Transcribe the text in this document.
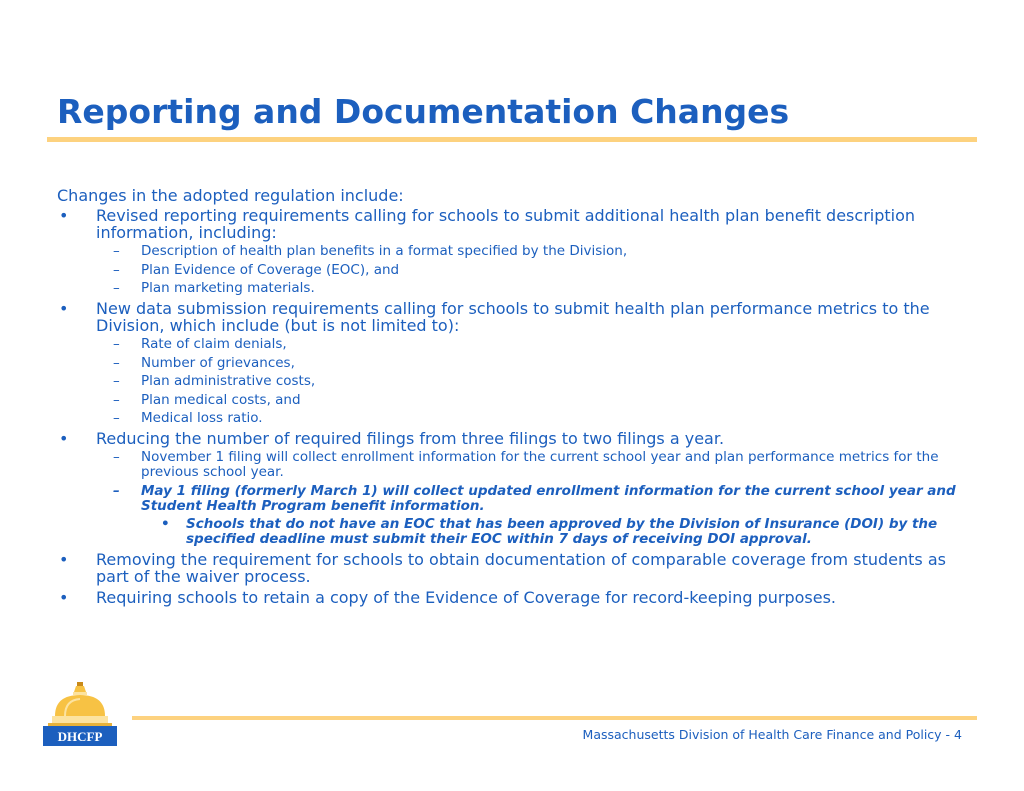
Reporting and Documentation Changes

Changes in the adopted regulation include:

• Revised reporting requirements calling for schools to submit additional health plan benefit description information, including:
– Description of health plan benefits in a format specified by the Division,
– Plan Evidence of Coverage (EOC), and
– Plan marketing materials.
• New data submission requirements calling for schools to submit health plan performance metrics to the Division, which include (but is not limited to):
– Rate of claim denials,
– Number of grievances,
– Plan administrative costs,
– Plan medical costs, and
– Medical loss ratio.
• Reducing the number of required filings from three filings to two filings a year.
– November 1 filing will collect enrollment information for the current school year and plan performance metrics for the previous school year.
– May 1 filing (formerly March 1) will collect updated enrollment information for the current school year and Student Health Program benefit information.
• Schools that do not have an EOC that has been approved by the Division of Insurance (DOI) by the specified deadline must submit their EOC within 7 days of receiving DOI approval.
• Removing the requirement for schools to obtain documentation of comparable coverage from students as part of the waiver process.
• Requiring schools to retain a copy of the Evidence of Coverage for record-keeping purposes.
Massachusetts Division of Health Care Finance and Policy - 4
DHCFP
